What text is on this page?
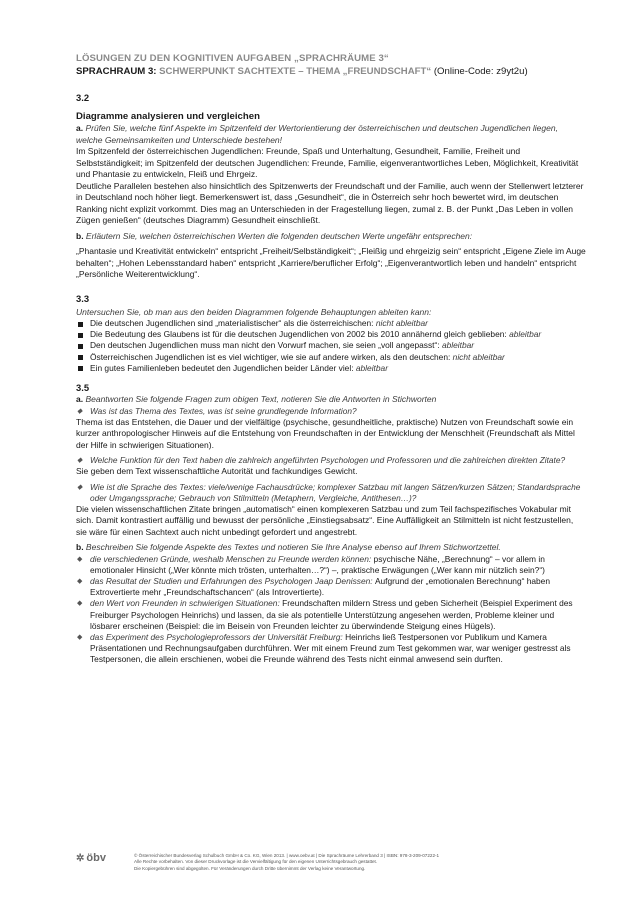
LÖSUNGEN ZU DEN KOGNITIVEN AUFGABEN „SPRACHRÄUME 3“
SPRACHRAUM 3: SCHWERPUNKT SACHTEXTE – THEMA „FREUNDSCHAFT“ (Online-Code: z9yt2u)
3.2
Diagramme analysieren und vergleichen

a. Prüfen Sie, welche fünf Aspekte im Spitzenfeld der Wertorientierung der österreichischen und deutschen Jugendlichen liegen, welche Gemeinsamkeiten und Unterschiede bestehen!

Im Spitzenfeld der österreichischen Jugendlichen: Freunde, Spaß und Unterhaltung, Gesundheit, Familie, Freiheit und Selbstständigkeit; im Spitzenfeld der deutschen Jugendlichen: Freunde, Familie, eigenverantwortliches Leben, Möglichkeit, Kreativität und Phantasie zu entwickeln, Fleiß und Ehrgeiz.

Deutliche Parallelen bestehen also hinsichtlich des Spitzenwerts der Freundschaft und der Familie, auch wenn der Stellenwert letzterer in Deutschland noch höher liegt. Bemerkenswert ist, dass „Gesundheit“, die in Österreich sehr hoch bewertet wird, im deutschen Ranking nicht explizit vorkommt. Dies mag an Unterschieden in der Fragestellung liegen, zumal z. B. der Punkt „Das Leben in vollen Zügen genießen“ (deutsches Diagramm) Gesundheit einschließt.

b. Erläutern Sie, welchen österreichischen Werten die folgenden deutschen Werte ungefähr entsprechen:

„Phantasie und Kreativität entwickeln“ entspricht „Freiheit/Selbständigkeit“; „Fleißig und ehrgeizig sein“ entspricht „Eigene Ziele im Auge behalten“; „Hohen Lebensstandard haben“ entspricht „Karriere/beruflicher Erfolg“; „Eigenverantwortlich leben und handeln“ entspricht „Persönliche Weiterentwicklung“.

3.3

Untersuchen Sie, ob man aus den beiden Diagrammen folgende Behauptungen ableiten kann:

Die deutschen Jugendlichen sind „materialistischer“ als die österreichischen: nicht ableitbar
Die Bedeutung des Glaubens ist für die deutschen Jugendlichen von 2002 bis 2010 annähernd gleich geblieben: ableitbar
Den deutschen Jugendlichen muss man nicht den Vorwurf machen, sie seien „voll angepasst“: ableitbar
Österreichischen Jugendlichen ist es viel wichtiger, wie sie auf andere wirken, als den deutschen: nicht ableitbar
Ein gutes Familienleben bedeutet den Jugendlichen beider Länder viel: ableitbar
3.5

a. Beantworten Sie folgende Fragen zum obigen Text, notieren Sie die Antworten in Stichworten

◆ Was ist das Thema des Textes, was ist seine grundlegende Information?

Thema ist das Entstehen, die Dauer und der vielfältige (psychische, gesundheitliche, praktische) Nutzen von Freundschaft sowie ein kurzer anthropologischer Hinweis auf die Entstehung von Freundschaften in der Entwicklung der Menschheit (Freundschaft als Mittel der Hilfe in schwierigen Situationen).

◆ Welche Funktion für den Text haben die zahlreich angeführten Psychologen und Professoren und die zahlreichen direkten Zitate?

Sie geben dem Text wissenschaftliche Autorität und fachkundiges Gewicht.

◆ Wie ist die Sprache des Textes: viele/wenige Fachausdrücke; komplexer Satzbau mit langen Sätzen/kurzen Sätzen; Standardsprache oder Umgangssprache; Gebrauch von Stilmitteln (Metaphern, Vergleiche, Antithesen…)?

Die vielen wissenschaftlichen Zitate bringen „automatisch“ einen komplexeren Satzbau und zum Teil fachspezifisches Vokabular mit sich. Damit kontrastiert auffällig und bewusst der persönliche „Einstiegsabsatz“. Eine Auffälligkeit an Stilmitteln ist nicht festzustellen, sie wäre für einen Sachtext auch nicht unbedingt gefordert und angestrebt.

b. Beschreiben Sie folgende Aspekte des Textes und notieren Sie Ihre Analyse ebenso auf Ihrem Stichwortzettel.

◆ die verschiedenen Gründe, weshalb Menschen zu Freunde werden können: psychische Nähe, „Berechnung“ – vor allem in emotionaler Hinsicht („Wer könnte mich trösten, unterhalten…?“) –, praktische Erwägungen („Wer kann mir nützlich sein?“)
◆ das Resultat der Studien und Erfahrungen des Psychologen Jaap Denissen: Aufgrund der „emotionalen Berechnung“ haben Extrovertierte mehr „Freundschaftschancen“ (als Introvertierte).
◆ den Wert von Freunden in schwierigen Situationen: Freundschaften mildern Stress und geben Sicherheit (Beispiel Experiment des Freiburger Psychologen Heinrichs) und lassen, da sie als potentielle Unterstützung angesehen werden, Probleme kleiner und lösbarer erscheinen (Beispiel: die im Beisein von Freunden leichter zu überwindende Steigung eines Hügels).
◆ das Experiment des Psychologieprofessors der Universität Freiburg: Heinrichs ließ Testpersonen vor Publikum und Kamera Präsentationen und Rechnungsaufgaben durchführen. Wer mit einem Freund zum Test gekommen war, war weniger gestresst als Testpersonen, die allein erschienen, wobei die Freunde während des Tests nicht einmal anwesend sein durften.
✲ öbv	© Österreichischer Bundesverlag Schulbuch GmbH & Co. KG, Wien 2013. | www.oebv.at | Die Sprachräume Lehrerband 3 | ISBN: 978-3-209-07222-1
Alle Rechte vorbehalten. Von dieser Druckvorlage ist die Vervielfältigung für den eigenen Unterrichtsgebrauch gestattet.
Die Kopiergebühren sind abgegolten. Für Veränderungen durch Dritte übernimmt der Verlag keine Verantwortung.
